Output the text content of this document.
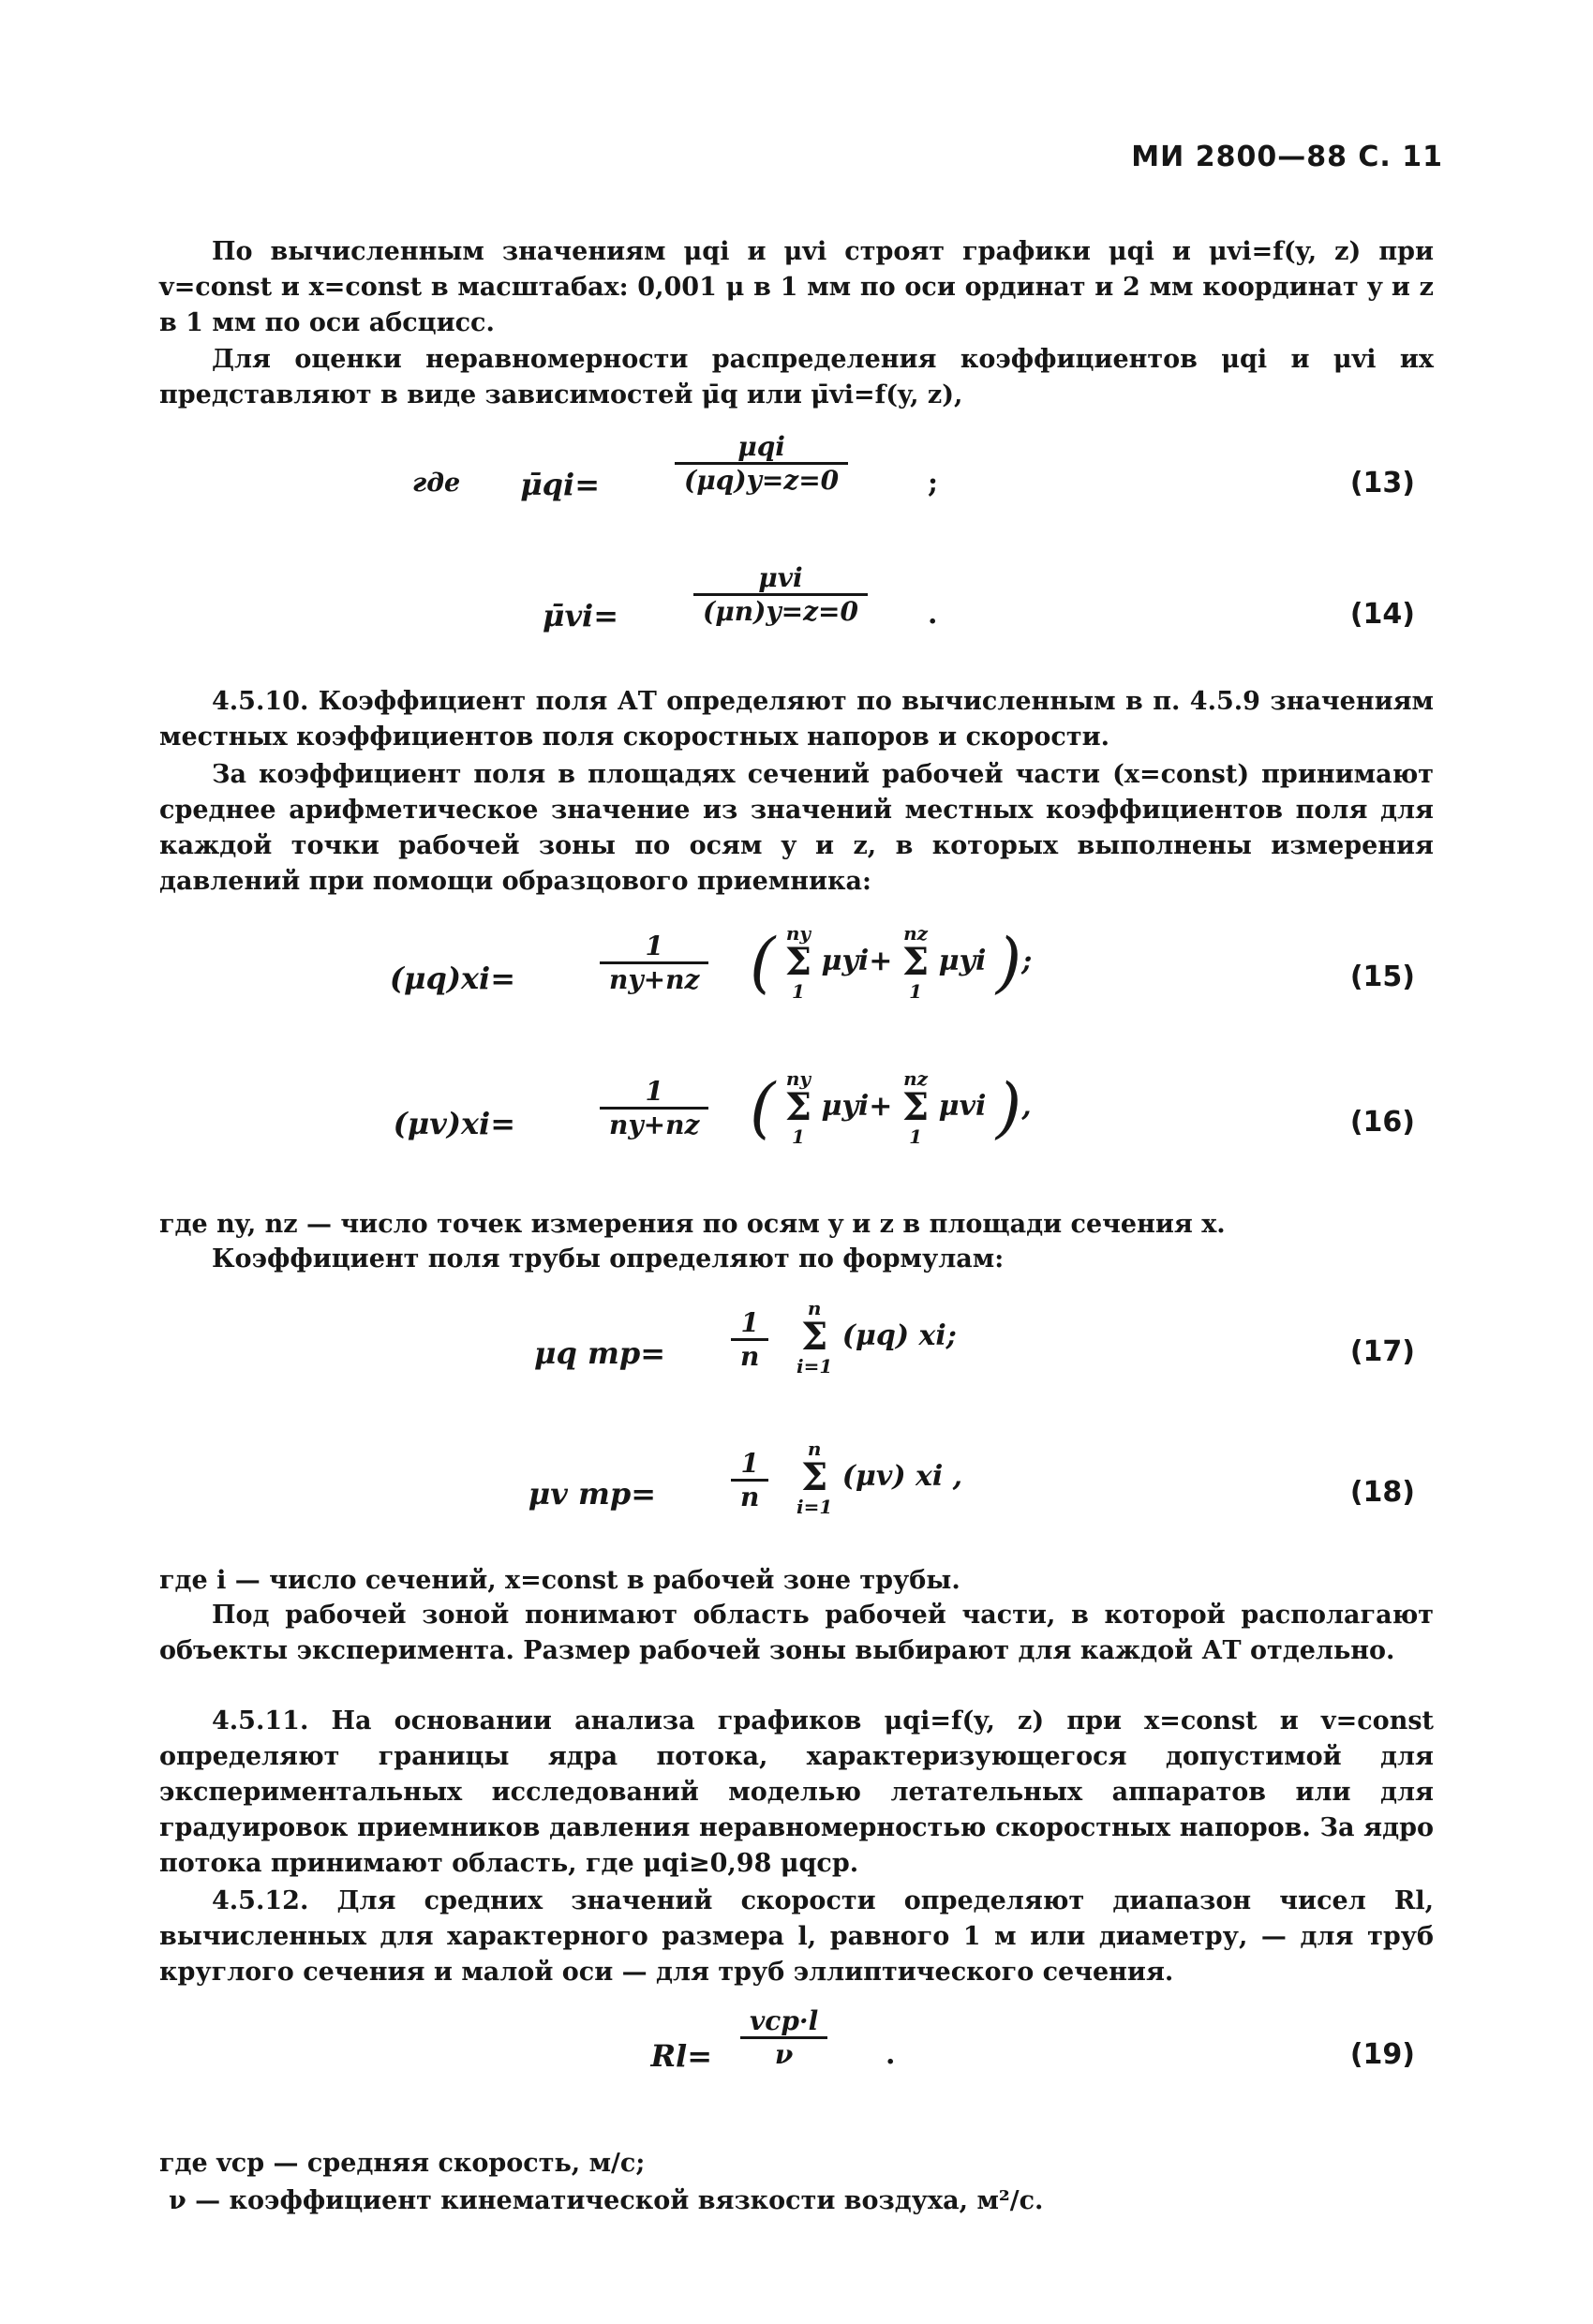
МИ 2800—88 С. 11
По вычисленным значениям μqi и μvi строят графики μqi и μvi=f(y, z) при v=const и x=const в масштабах: 0,001 μ в 1 мм по оси ординат и 2 мм координат y и z в 1 мм по оси абсцисс.
Для оценки неравномерности распределения коэффициентов μqi и μvi их представляют в виде зависимостей μ̄q или μ̄vi=f(y, z),
где	μ̄qi=
μqi
(μq)y=z=0	;	(13)
μ̄vi=
μvi
(μn)y=z=0	.	(14)
4.5.10. Коэффициент поля АТ определяют по вычисленным в п. 4.5.9 значениям местных коэффициентов поля скоростных напоров и скорости.
За коэффициент поля в площадях сечений рабочей части (x=const) принимают среднее арифметическое значение из значений местных коэффициентов поля для каждой точки рабочей зоны по осям y и z, в которых выполнены измерения давлений при помощи образцового приемника:
(μq)xi=	$\frac{1}{ny+nz}$ ( ny
Σ
1
μyi+
nz
Σ
1
μyi );	(15)
(μv)xi=	$\frac{1}{ny+nz}$ ( ny
Σ
1
μyi+
nz
Σ
1
μvi ),	(16)
где ny, nz — число точек измерения по осям y и z в площади сечения x.
Коэффициент поля трубы определяют по формулам:
μq тр=	$\frac{1}{n}$	n
Σ
i=1
(μq) xi;	(17)
μv тр=	$\frac{1}{n}$	n
Σ
i=1
(μv) xi ,	(18)
где i — число сечений, x=const в рабочей зоне трубы.
Под рабочей зоной понимают область рабочей части, в которой располагают объекты эксперимента. Размер рабочей зоны выбирают для каждой АТ отдельно.
4.5.11. На основании анализа графиков μqi=f(y, z) при x=const и v=const определяют границы ядра потока, характеризующегося допустимой для экспериментальных исследований моделью летательных аппаратов или для градуировок приемников давления неравномерностью скоростных напоров. За ядро потока принимают область, где μqi≥0,98 μqср.
4.5.12. Для средних значений скорости определяют диапазон чисел Rl, вычисленных для характерного размера l, равного 1 м или диаметру, — для труб круглого сечения и малой оси — для труб эллиптического сечения.
Rl=
vср·l
ν	.	(19)
где vср — средняя скорость, м/с;
ν — коэффициент кинематической вязкости воздуха, м²/с.
